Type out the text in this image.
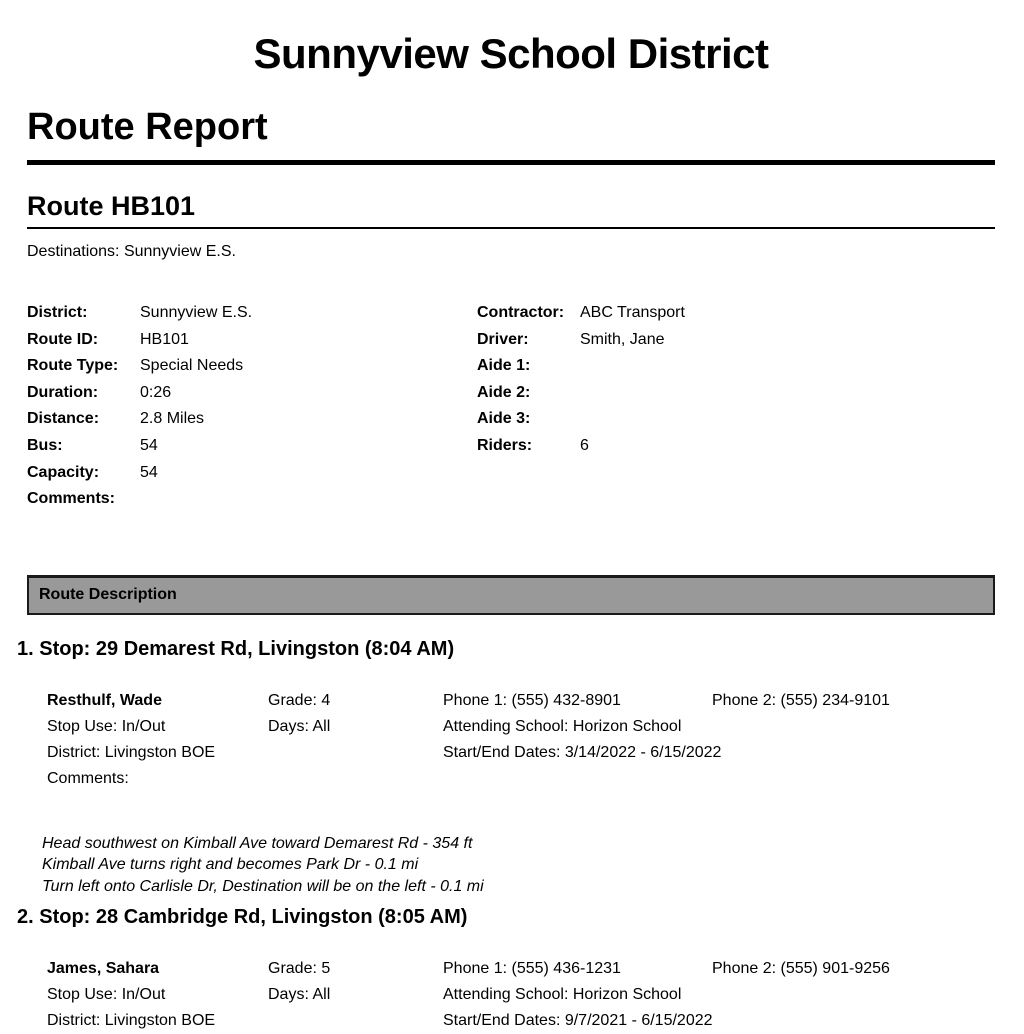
Sunnyview School District
Route Report
Route HB101
Destinations: Sunnyview E.S.
District:	Sunnyview E.S.
Route ID:	HB101
Route Type:	Special Needs
Duration:	0:26
Distance:	2.8 Miles
Bus:	54
Capacity:	54
Comments:
Contractor: ABC Transport
Driver:	Smith, Jane
Aide 1:
Aide 2:
Aide 3:
Riders:	6
Route Description
1. Stop: 29 Demarest Rd, Livingston (8:04 AM)
Resthulf, Wade	Grade: 4	Phone 1: (555) 432-8901	Phone 2: (555) 234-9101
Stop Use: In/Out	Days: All	Attending School: Horizon School
District: Livingston BOE	Start/End Dates: 3/14/2022 - 6/15/2022
Comments:
Head southwest on Kimball Ave toward Demarest Rd - 354 ft
Kimball Ave turns right and becomes Park Dr - 0.1 mi
Turn left onto Carlisle Dr, Destination will be on the left - 0.1 mi
2. Stop: 28 Cambridge Rd, Livingston (8:05 AM)
James, Sahara	Grade: 5	Phone 1: (555) 436-1231	Phone 2: (555) 901-9256
Stop Use: In/Out	Days: All	Attending School: Horizon School
District: Livingston BOE	Start/End Dates: 9/7/2021 - 6/15/2022
